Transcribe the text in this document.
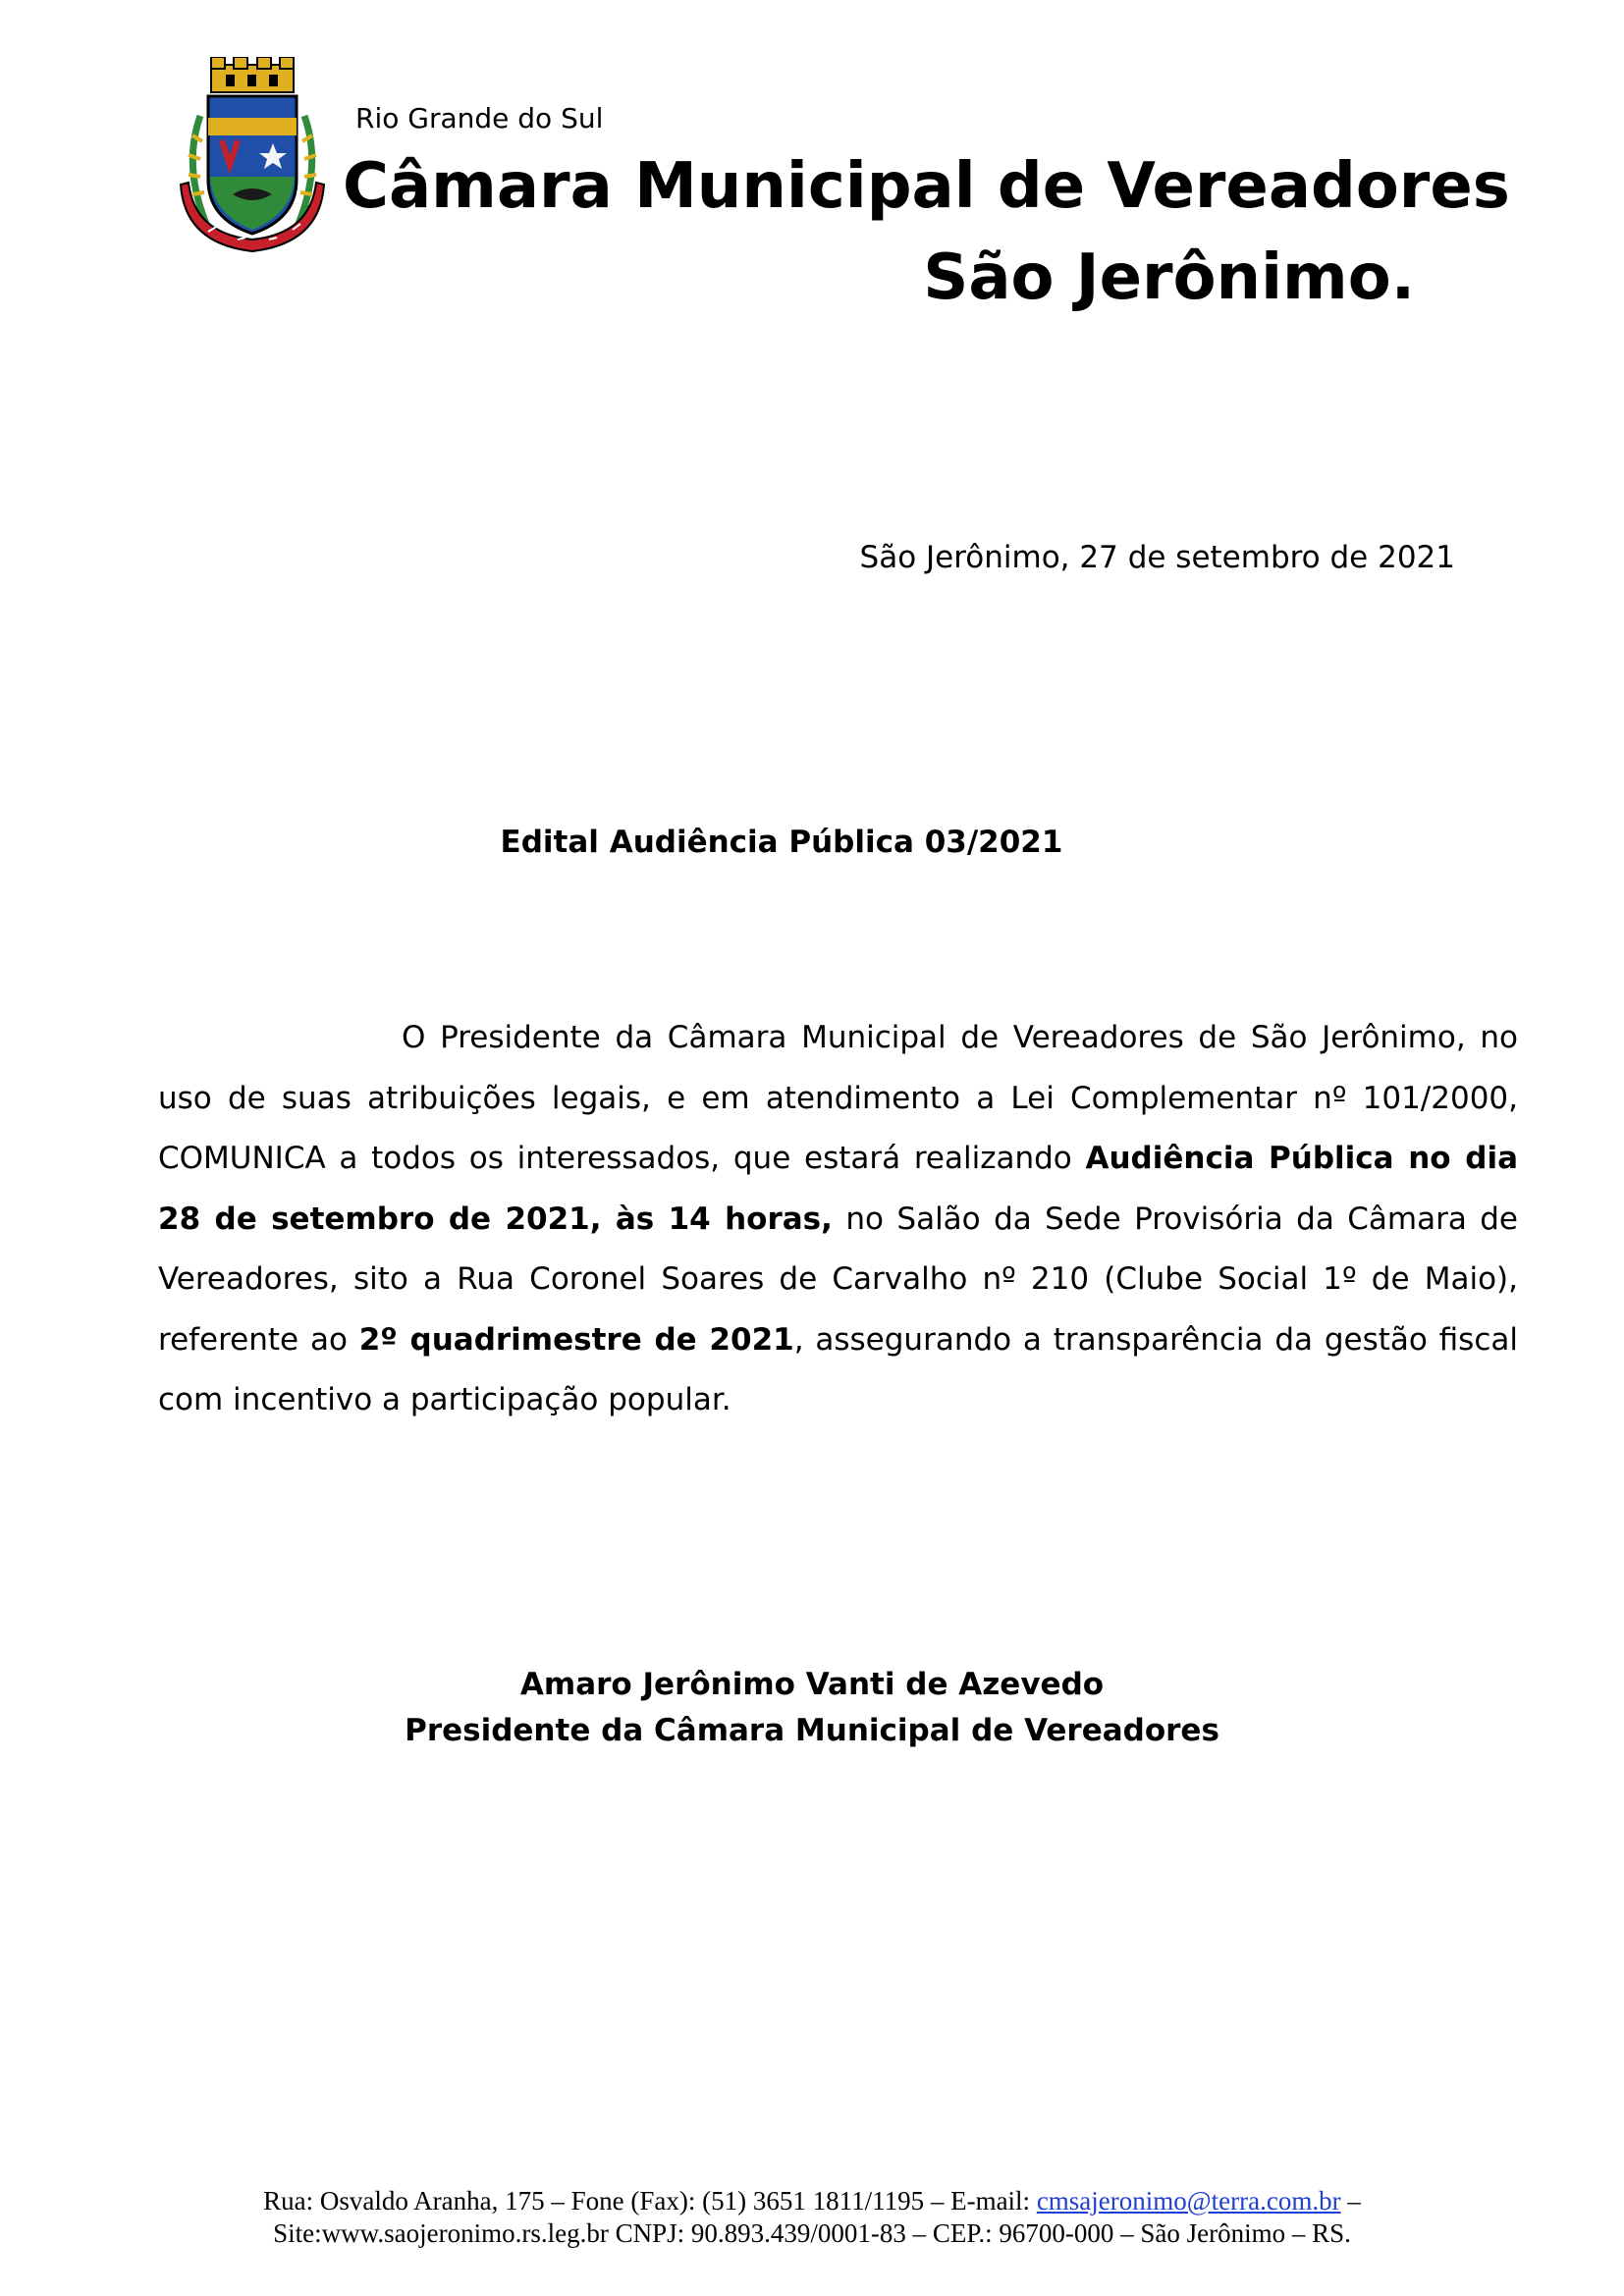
Rio Grande do Sul
Câmara Municipal de Vereadores
São Jerônimo.
São Jerônimo, 27 de setembro de 2021
Edital Audiência Pública 03/2021

O Presidente da Câmara Municipal de Vereadores de São Jerônimo, no uso de suas atribuições legais, e em atendimento a Lei Complementar nº 101/2000, COMUNICA a todos os interessados, que estará realizando Audiência Pública no dia 28 de setembro de 2021, às 14 horas, no Salão da Sede Provisória da Câmara de Vereadores, sito a Rua Coronel Soares de Carvalho nº 210 (Clube Social 1º de Maio), referente ao 2º quadrimestre de 2021, assegurando a transparência da gestão fiscal com incentivo a participação popular.

Amaro Jerônimo Vanti de Azevedo
Presidente da Câmara Municipal de Vereadores
Rua: Osvaldo Aranha, 175 – Fone (Fax): (51) 3651 1811/1195 – E-mail: cmsajeronimo@terra.com.br –
Site:www.saojeronimo.rs.leg.br CNPJ: 90.893.439/0001-83 – CEP.: 96700-000 – São Jerônimo – RS.
